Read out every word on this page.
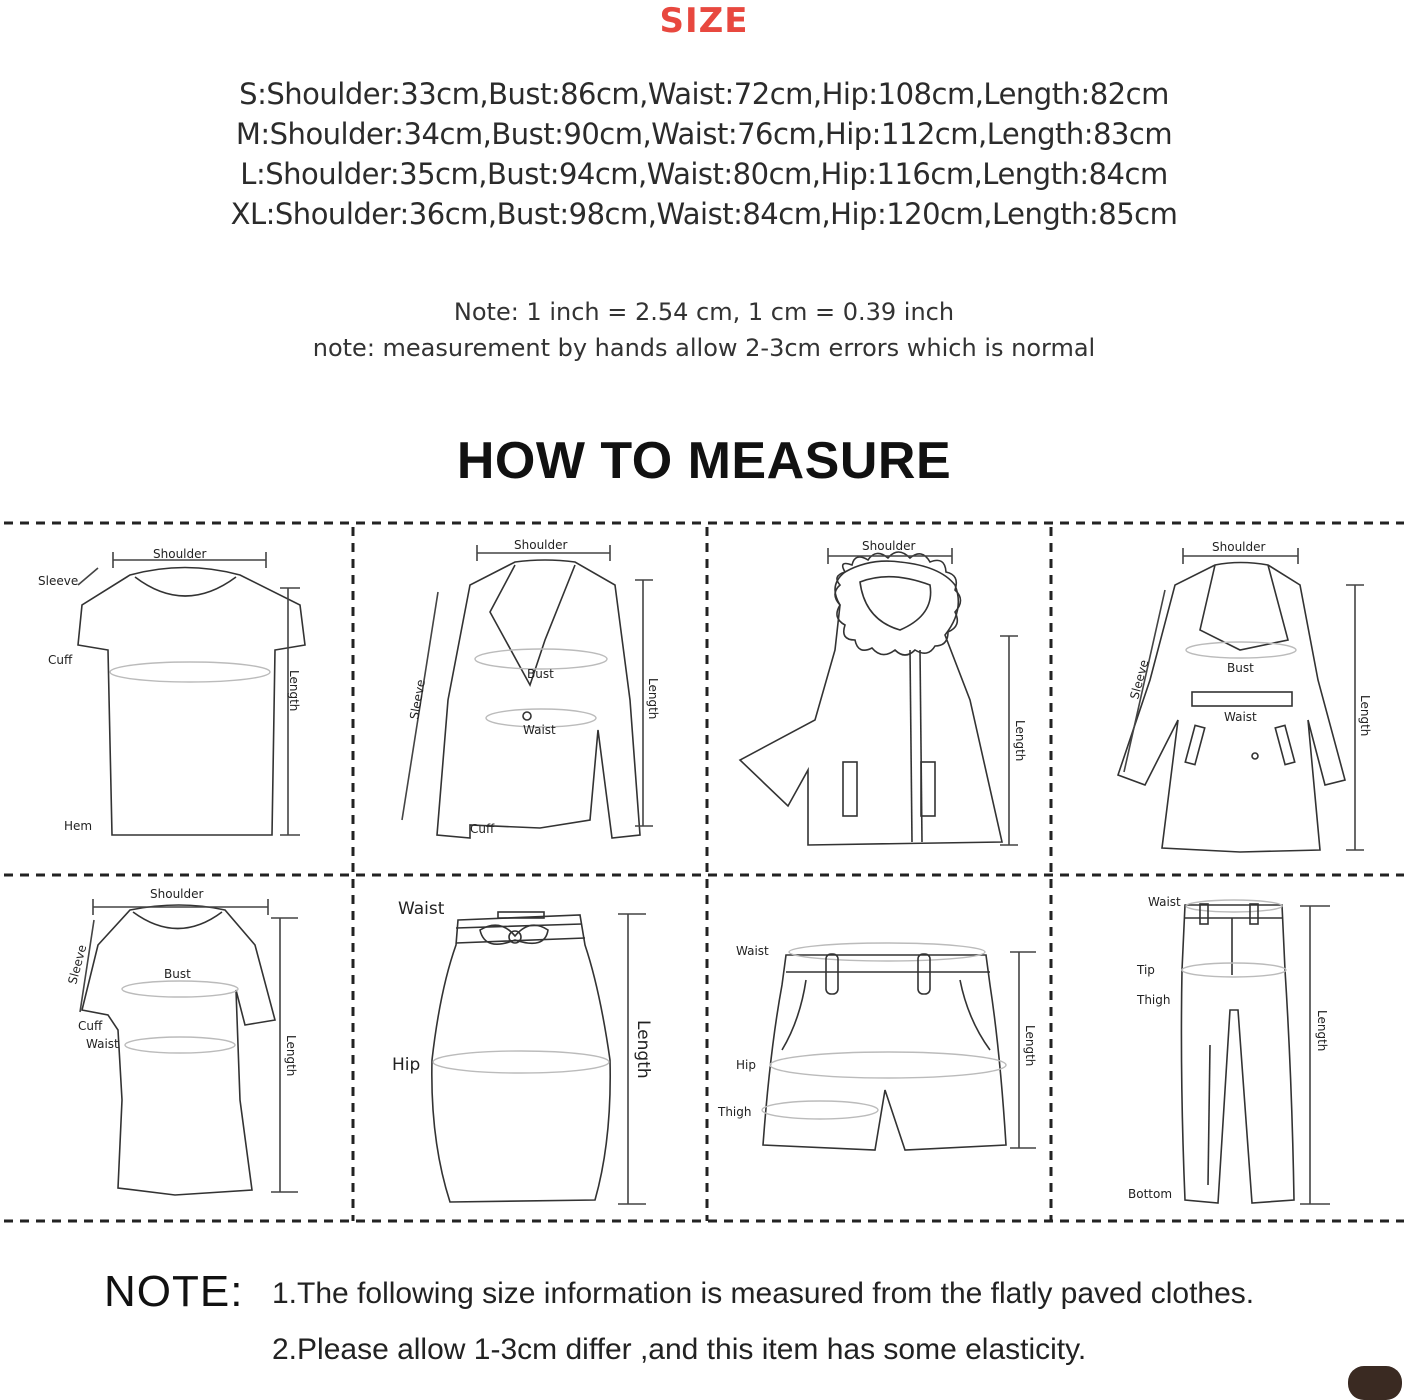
SIZE
S:Shoulder:33cm,Bust:86cm,Waist:72cm,Hip:108cm,Length:82cm
M:Shoulder:34cm,Bust:90cm,Waist:76cm,Hip:112cm,Length:83cm
L:Shoulder:35cm,Bust:94cm,Waist:80cm,Hip:116cm,Length:84cm
XL:Shoulder:36cm,Bust:98cm,Waist:84cm,Hip:120cm,Length:85cm
Note: 1 inch = 2.54 cm, 1 cm = 0.39 inch
note: measurement by hands allow 2-3cm errors which is normal
HOW TO MEASURE
Shoulder
Sleeve
Cuff
Hem
Length
Shoulder
Bust
Waist
Cuff
Sleeve	Length
Shoulder
Length
Shoulder
Bust
Waist
Sleeve
Length
Shoulder
Bust
Cuff
Waist
Sleeve
Length
Waist
Hip	Length
Waist
Hip
Thigh
Length
Waist
Tip
Thigh
Bottom
Length
NOTE: 1.The following size information is measured from the flatly paved clothes.
2.Please allow 1-3cm differ ,and this item has some elasticity.
